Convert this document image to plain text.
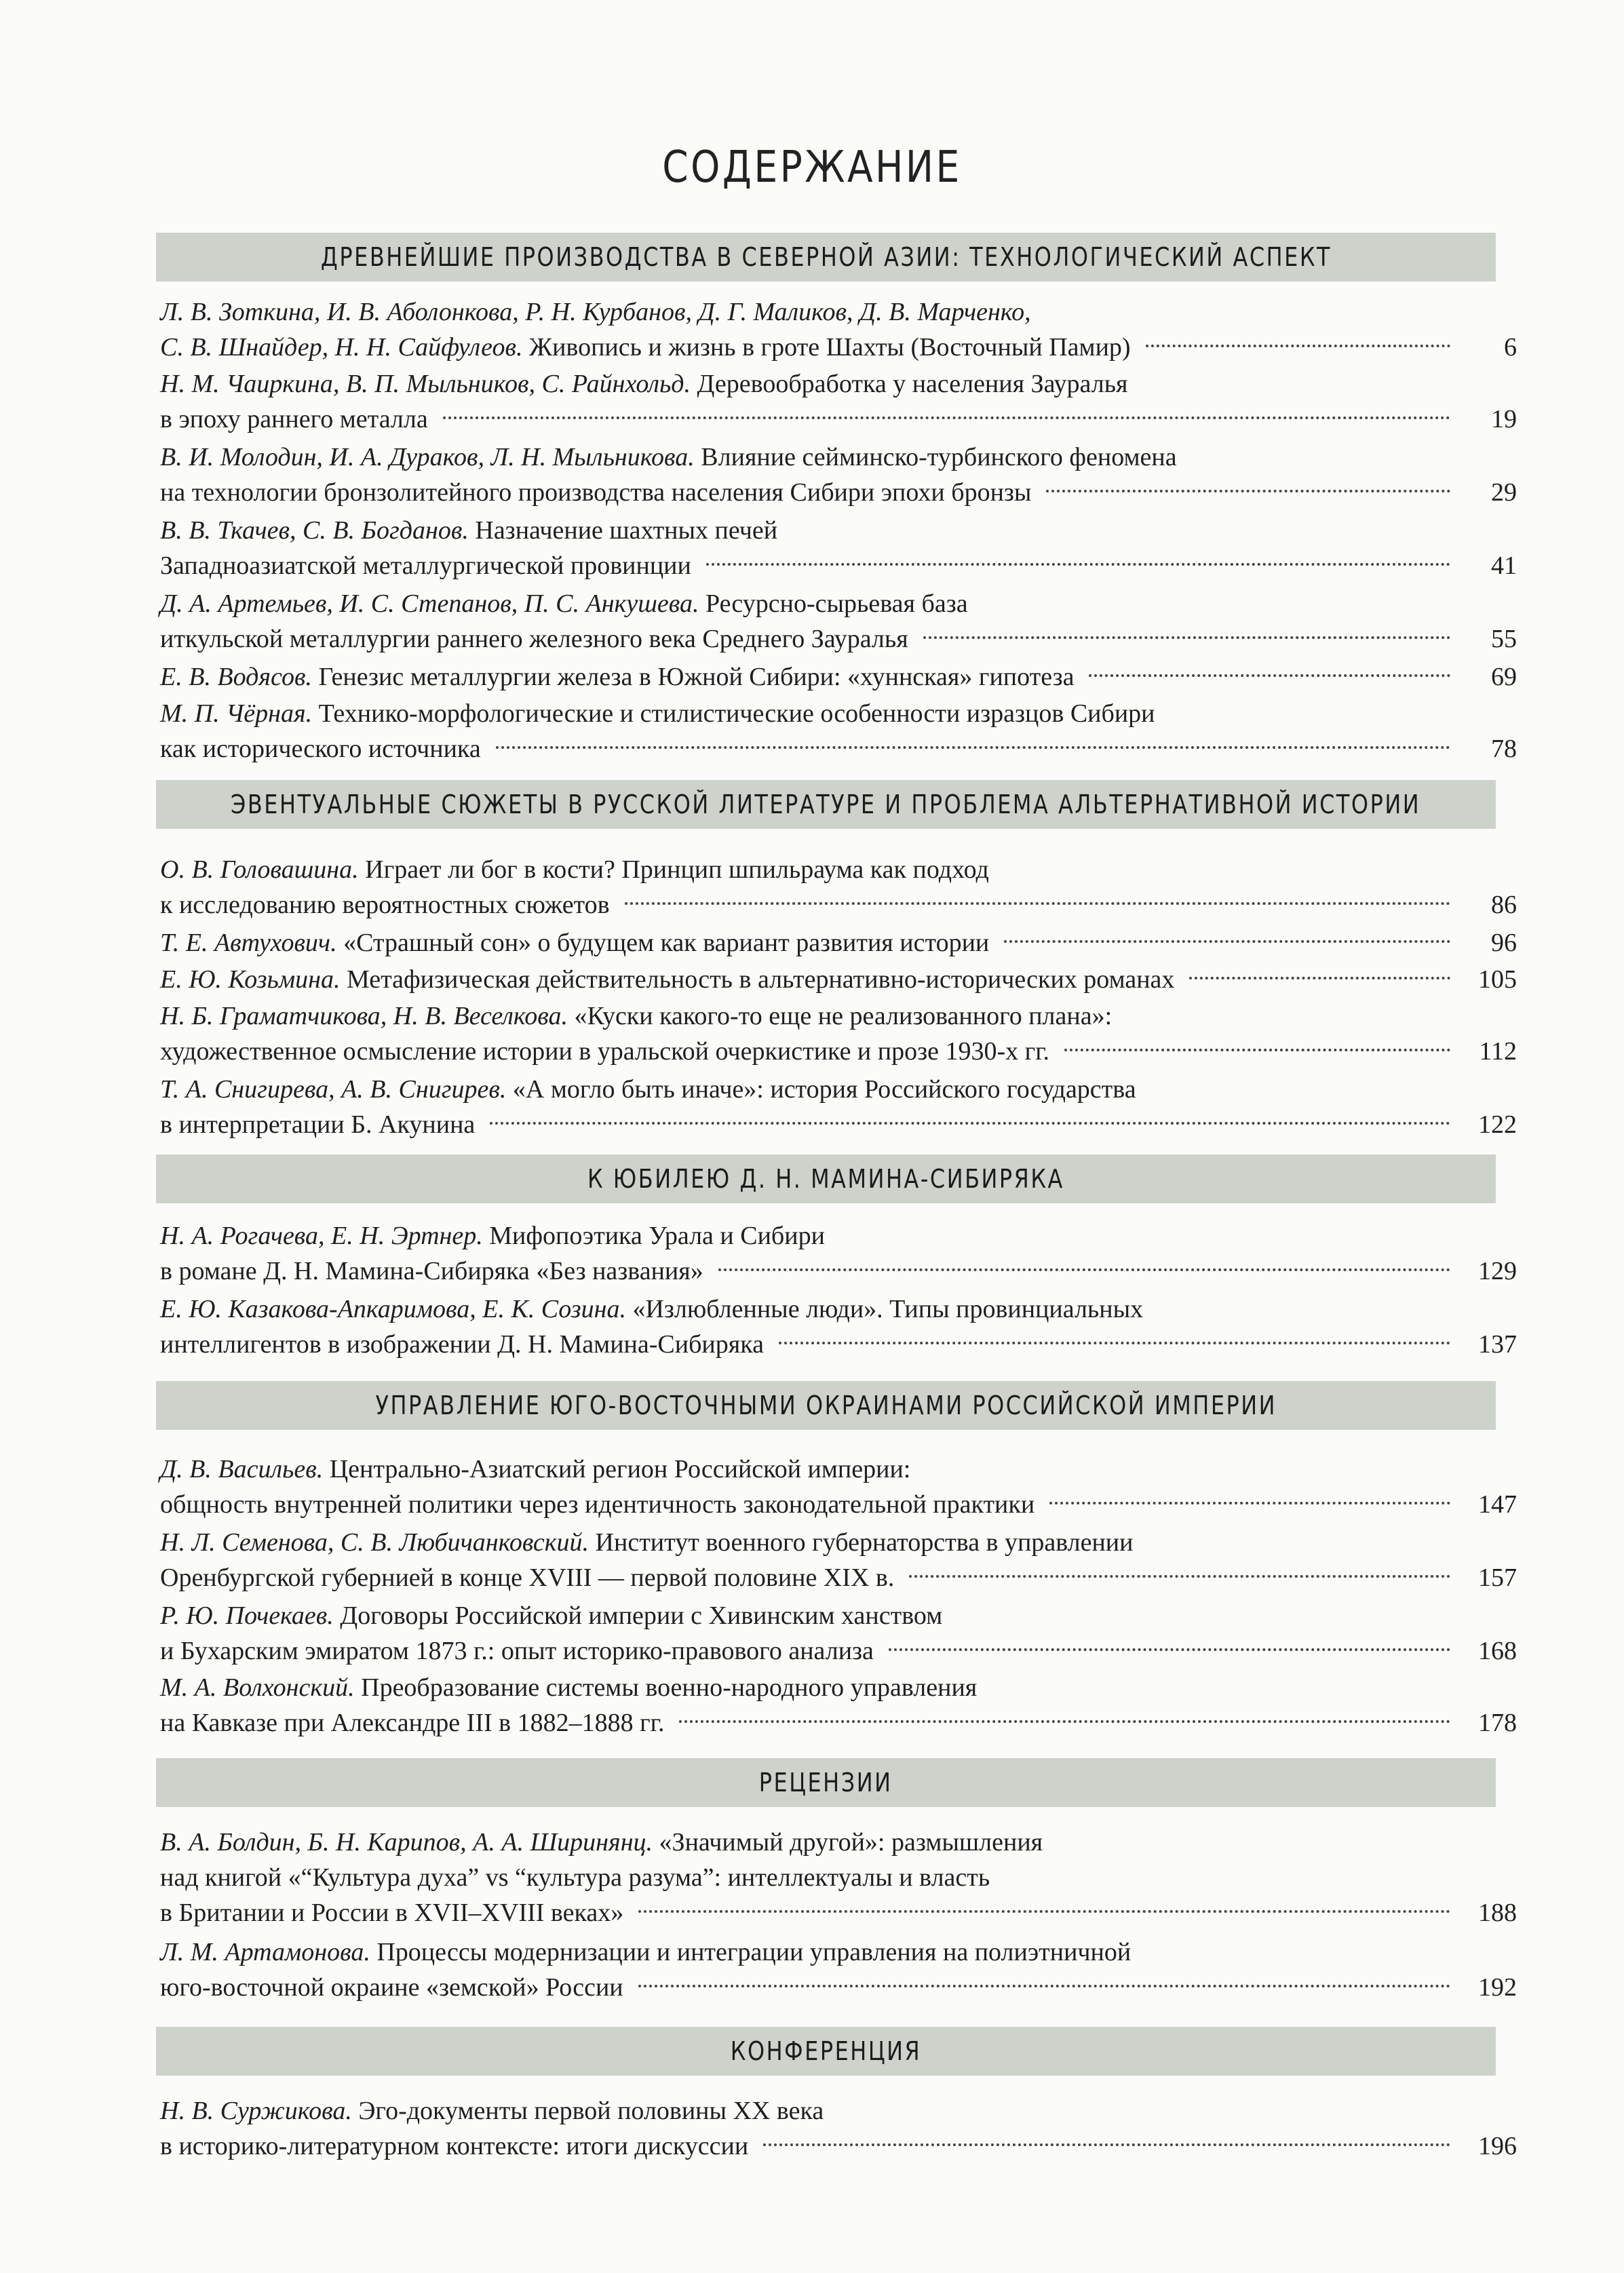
СОДЕРЖАНИЕ
ДРЕВНЕЙШИЕ ПРОИЗВОДСТВА В СЕВЕРНОЙ АЗИИ: ТЕХНОЛОГИЧЕСКИЙ АСПЕКТ
Л. В. Зоткина, И. В. Аболонкова, Р. Н. Курбанов, Д. Г. Маликов, Д. В. Марченко,
С. В. Шнайдер, Н. Н. Сайфулеов. Живопись и жизнь в гроте Шахты (Восточный Памир)	6
Н. М. Чаиркина, В. П. Мыльников, С. Райнхольд. Деревообработка у населения Зауралья
в эпоху раннего металла	19
В. И. Молодин, И. А. Дураков, Л. Н. Мыльникова. Влияние сейминско-турбинского феномена
на технологии бронзолитейного производства населения Сибири эпохи бронзы	29
В. В. Ткачев, С. В. Богданов. Назначение шахтных печей
Западноазиатской металлургической провинции	41
Д. А. Артемьев, И. С. Степанов, П. С. Анкушева. Ресурсно-сырьевая база
иткульской металлургии раннего железного века Среднего Зауралья	55
Е. В. Водясов. Генезис металлургии железа в Южной Сибири: «хуннская» гипотеза	69
М. П. Чёрная. Технико-морфологические и стилистические особенности изразцов Сибири
как исторического источника	78
ЭВЕНТУАЛЬНЫЕ СЮЖЕТЫ В РУССКОЙ ЛИТЕРАТУРЕ И ПРОБЛЕМА АЛЬТЕРНАТИВНОЙ ИСТОРИИ
О. В. Головашина. Играет ли бог в кости? Принцип шпильраума как подход
к исследованию вероятностных сюжетов	86
Т. Е. Автухович. «Страшный сон» о будущем как вариант развития истории	96
Е. Ю. Козьмина. Метафизическая действительность в альтернативно-исторических романах	105
Н. Б. Граматчикова, Н. В. Веселкова. «Куски какого-то еще не реализованного плана»:
художественное осмысление истории в уральской очеркистике и прозе 1930-х гг.	112
Т. А. Снигирева, А. В. Снигирев. «А могло быть иначе»: история Российского государства
в интерпретации Б. Акунина	122
К ЮБИЛЕЮ Д. Н. МАМИНА-СИБИРЯКА
Н. А. Рогачева, Е. Н. Эртнер. Мифопоэтика Урала и Сибири
в романе Д. Н. Мамина-Сибиряка «Без названия»	129
Е. Ю. Казакова-Апкаримова, Е. К. Созина. «Излюбленные люди». Типы провинциальных
интеллигентов в изображении Д. Н. Мамина-Сибиряка	137
УПРАВЛЕНИЕ ЮГО-ВОСТОЧНЫМИ ОКРАИНАМИ РОССИЙСКОЙ ИМПЕРИИ
Д. В. Васильев. Центрально-Азиатский регион Российской империи:
общность внутренней политики через идентичность законодательной практики	147
Н. Л. Семенова, С. В. Любичанковский. Институт военного губернаторства в управлении
Оренбургской губернией в конце XVIII — первой половине XIX в.	157
Р. Ю. Почекаев. Договоры Российской империи с Хивинским ханством
и Бухарским эмиратом 1873 г.: опыт историко-правового анализа	168
М. А. Волхонский. Преобразование системы военно-народного управления
на Кавказе при Александре III в 1882–1888 гг.	178
РЕЦЕНЗИИ
В. А. Болдин, Б. Н. Карипов, А. А. Ширинянц. «Значимый другой»: размышления
над книгой «“Культура духа” vs “культура разума”: интеллектуалы и власть
в Британии и России в XVII–XVIII веках»	188
Л. М. Артамонова. Процессы модернизации и интеграции управления на полиэтничной
юго-восточной окраине «земской» России	192
КОНФЕРЕНЦИЯ
Н. В. Суржикова. Эго-документы первой половины XX века
в историко-литературном контексте: итоги дискуссии	196
